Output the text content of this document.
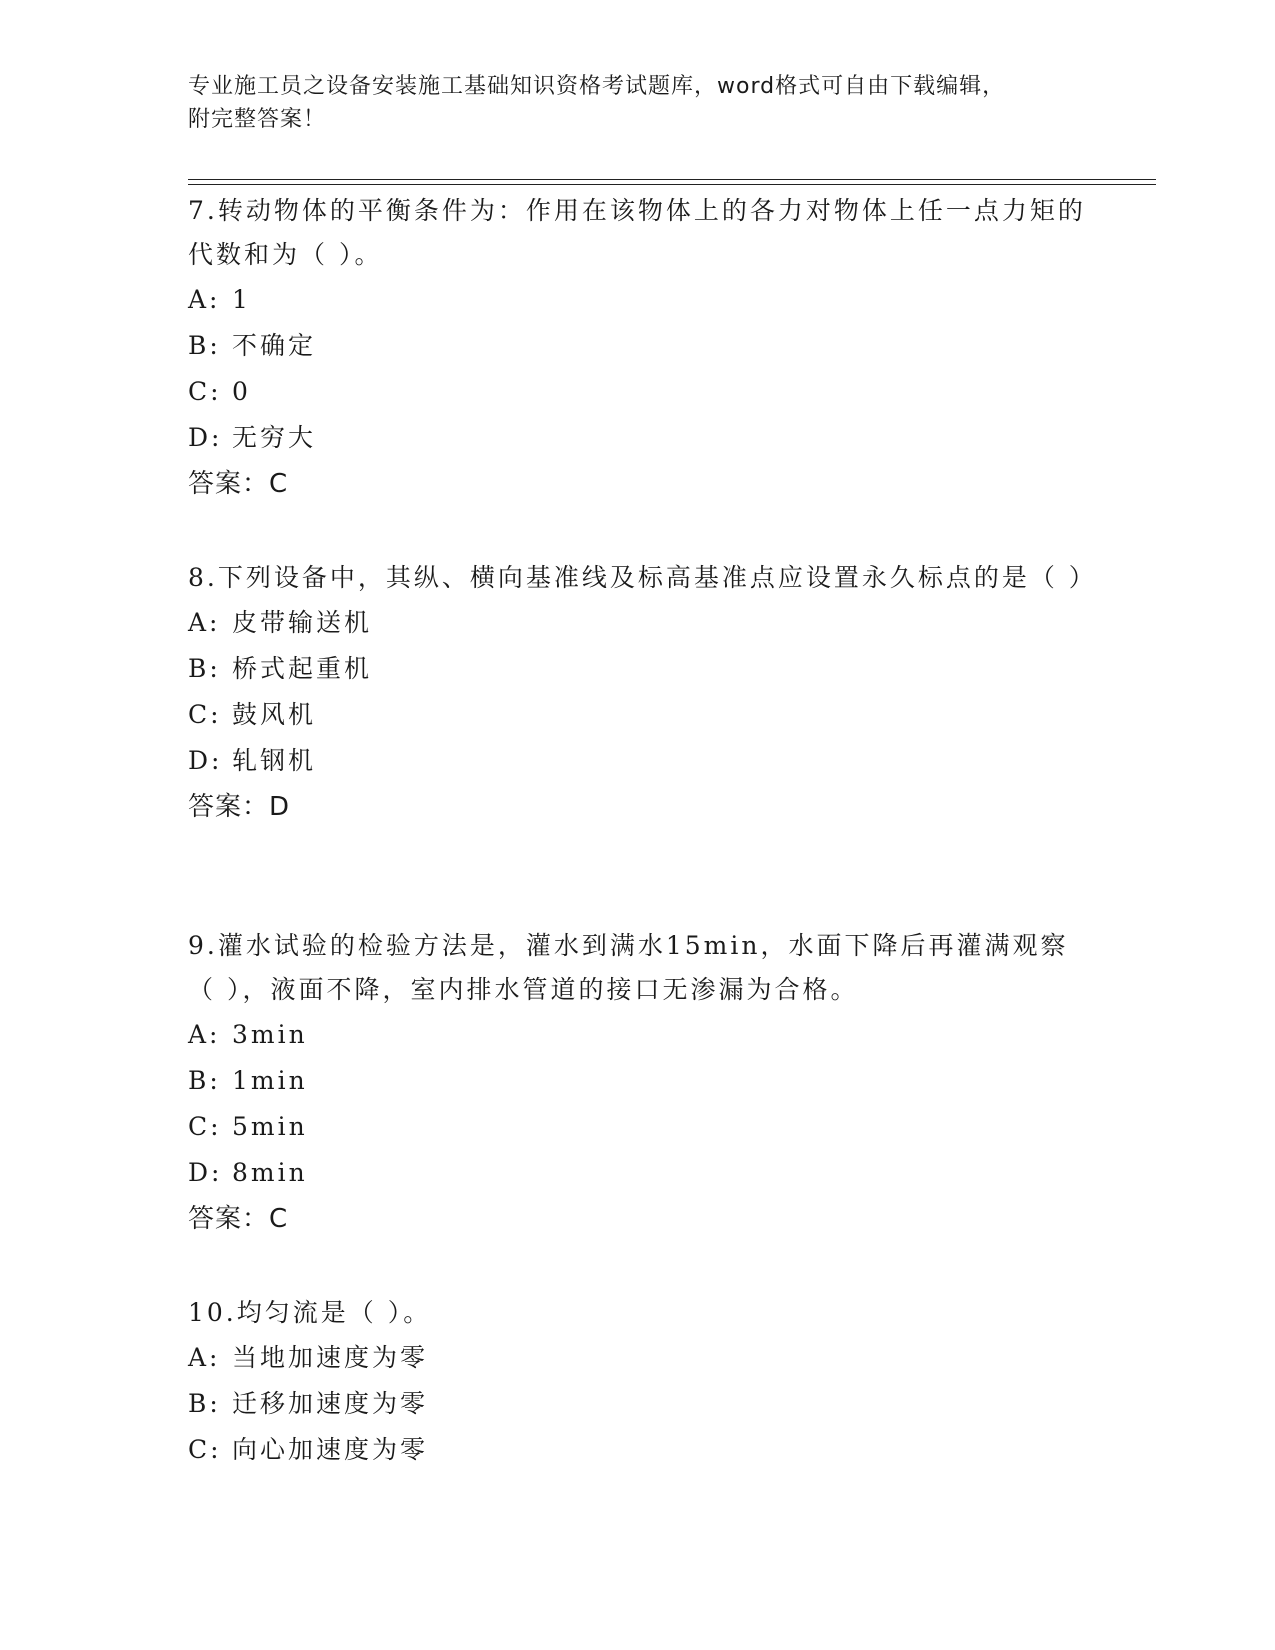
专业施工员之设备安装施工基础知识资格考试题库，word格式可自由下载编辑，
附完整答案！

7.转动物体的平衡条件为：作用在该物体上的各力对物体上任一点力矩的代数和为（ ）。

A: 1

B: 不确定

C: 0

D: 无穷大

答案：C

8.下列设备中，其纵、横向基准线及标高基准点应设置永久标点的是（ ）

A: 皮带输送机

B: 桥式起重机

C: 鼓风机

D: 轧钢机

答案：D

9.灌水试验的检验方法是，灌水到满水15min，水面下降后再灌满观察（ ），液面不降，室内排水管道的接口无渗漏为合格。

A: 3min

B: 1min

C: 5min

D: 8min

答案：C

10.均匀流是（ ）。

A: 当地加速度为零

B: 迁移加速度为零

C: 向心加速度为零
